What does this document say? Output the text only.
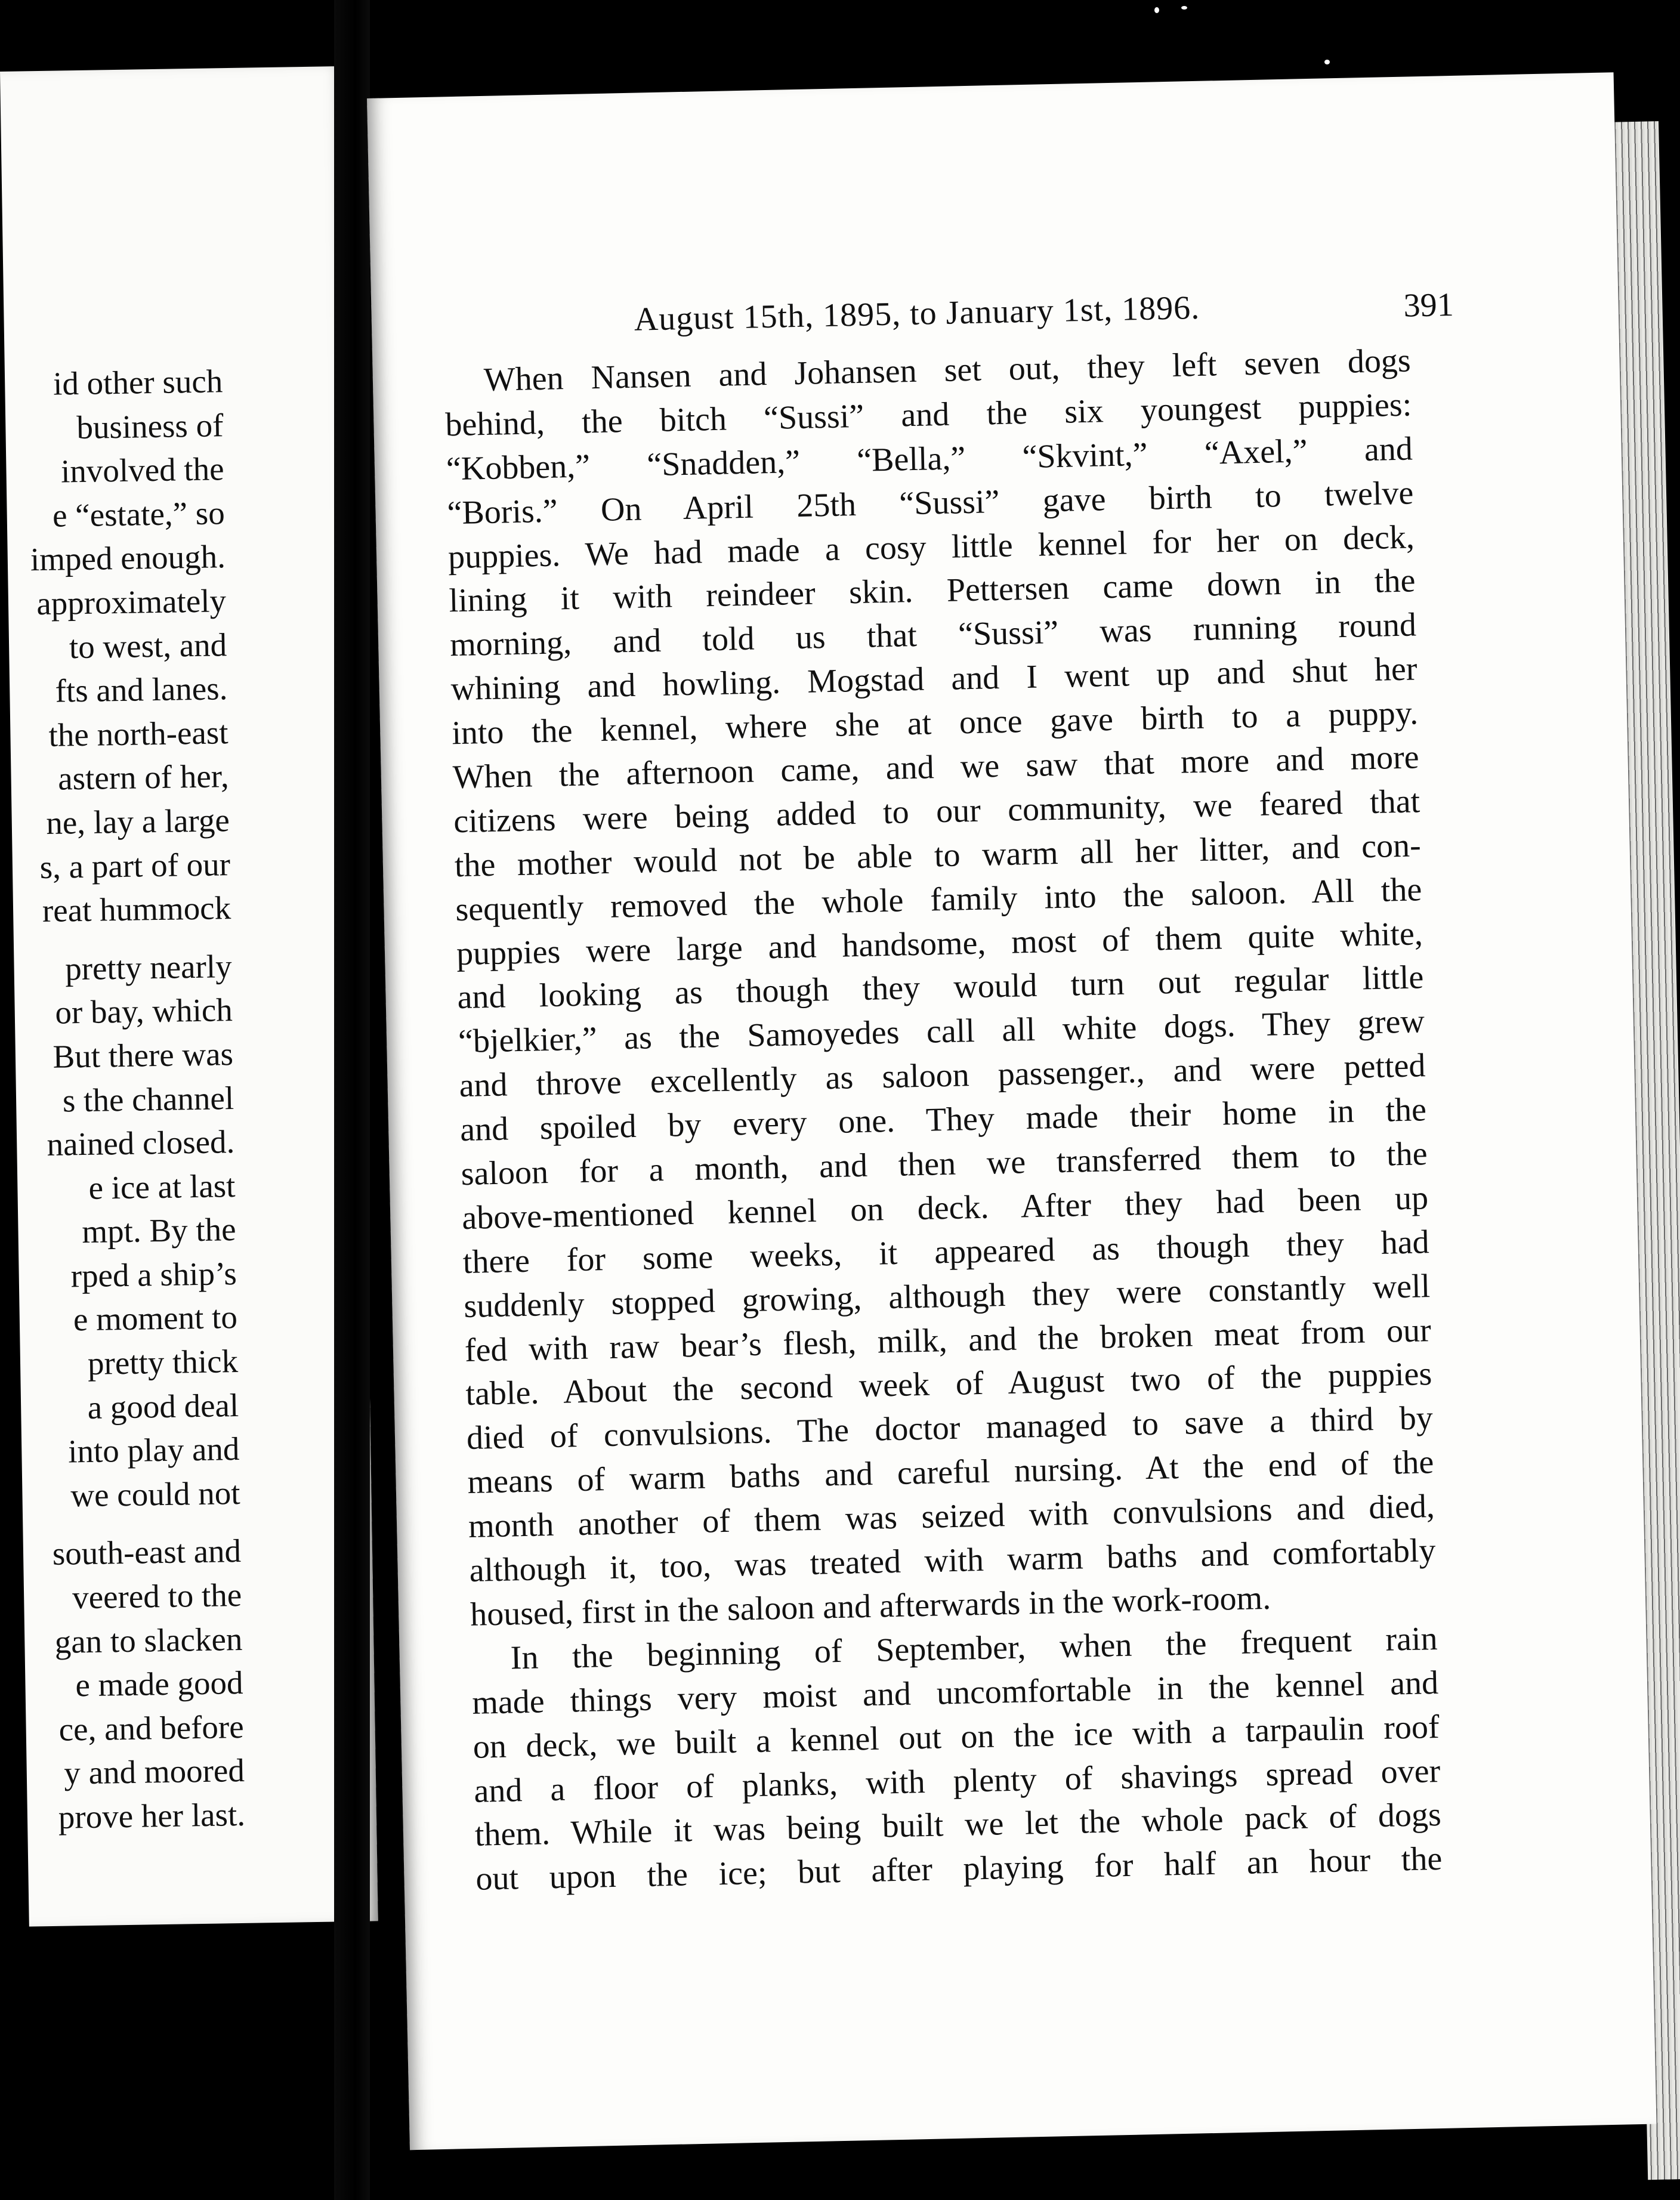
id other such
business of
involved the
e “estate,” so
imped enough.
approximately
to west, and
fts and lanes.
the north-east
astern of her,
ne, lay a large
s, a part of our
reat hummock
pretty nearly
or bay, which
But there was
s the channel
nained closed.
e ice at last
mpt. By the
rped a ship’s
e moment to
pretty thick
a good deal
into play and
we could not
south-east and
veered to the
gan to slacken
e made good
ce, and before
y and moored
prove her last.
August 15th, 1895, to January 1st, 1896.	391
When Nansen and Johansen set out, they left seven dogs
behind, the bitch “Sussi” and the six youngest puppies:
“Kobben,” “Snadden,” “Bella,” “Skvint,” “Axel,” and
“Boris.” On April 25th “Sussi” gave birth to twelve
puppies. We had made a cosy little kennel for her on deck,
lining it with reindeer skin. Pettersen came down in the
morning, and told us that “Sussi” was running round
whining and howling. Mogstad and I went up and shut her
into the kennel, where she at once gave birth to a puppy.
When the afternoon came, and we saw that more and more
citizens were being added to our community, we feared that
the mother would not be able to warm all her litter, and con-
sequently removed the whole family into the saloon. All the
puppies were large and handsome, most of them quite white,
and looking as though they would turn out regular little
“bjelkier,” as the Samoyedes call all white dogs. They grew
and throve excellently as saloon passenger., and were petted
and spoiled by every one. They made their home in the
saloon for a month, and then we transferred them to the
above-mentioned kennel on deck. After they had been up
there for some weeks, it appeared as though they had
suddenly stopped growing, although they were constantly well
fed with raw bear’s flesh, milk, and the broken meat from our
table. About the second week of August two of the puppies
died of convulsions. The doctor managed to save a third by
means of warm baths and careful nursing. At the end of the
month another of them was seized with convulsions and died,
although it, too, was treated with warm baths and comfortably
housed, first in the saloon and afterwards in the work-room.
In the beginning of September, when the frequent rain
made things very moist and uncomfortable in the kennel and
on deck, we built a kennel out on the ice with a tarpaulin roof
and a floor of planks, with plenty of shavings spread over
them. While it was being built we let the whole pack of dogs
out upon the ice; but after playing for half an hour the
